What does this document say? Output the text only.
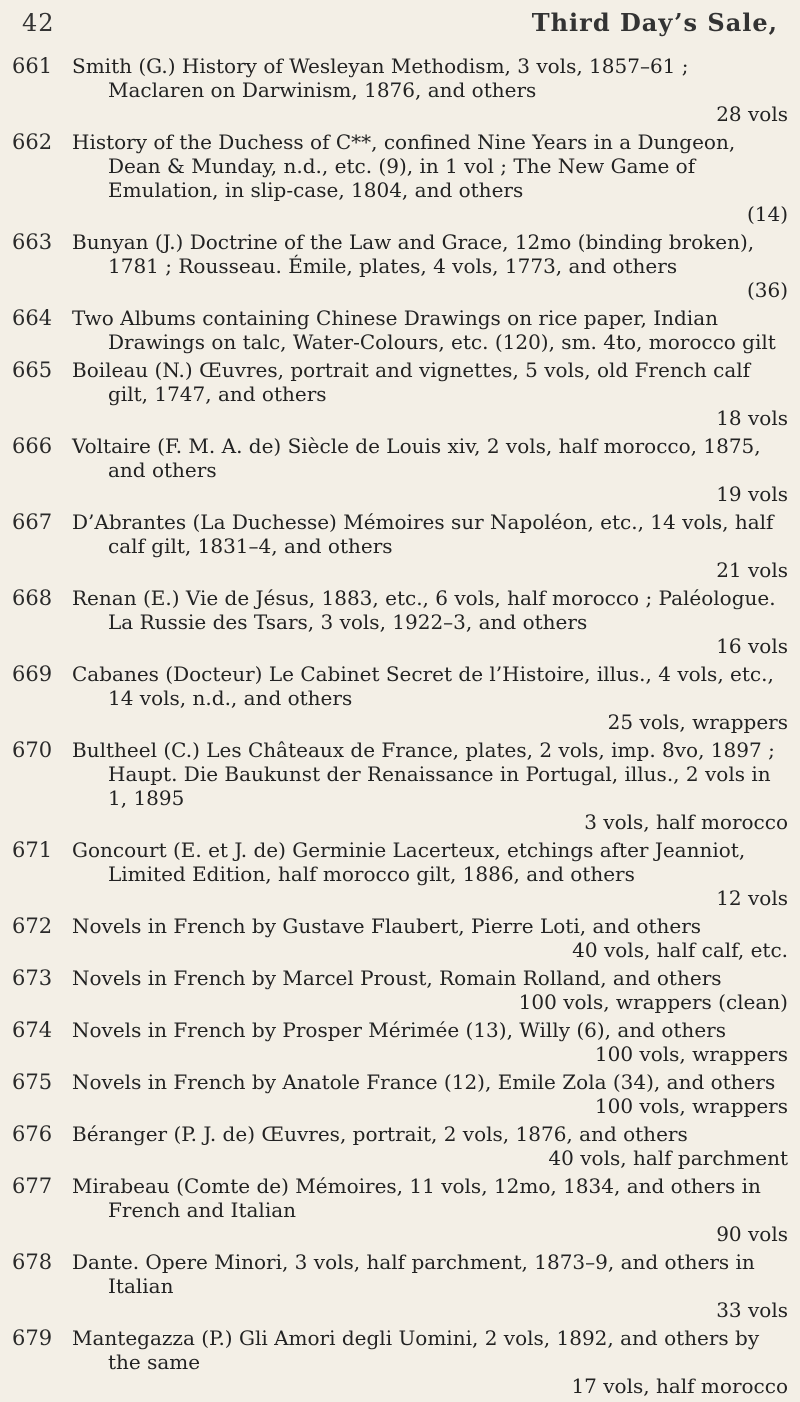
42	Third Day’s Sale,
661 Smith (G.) History of Wesleyan Methodism, 3 vols, 1857–61 ; Maclaren on Darwinism, 1876, and others
28 vols
662 History of the Duchess of C**, confined Nine Years in a Dungeon, Dean & Munday, n.d., etc. (9), in 1 vol ; The New Game of Emulation, in slip-case, 1804, and others
(14)
663 Bunyan (J.) Doctrine of the Law and Grace, 12mo (binding broken), 1781 ; Rousseau. Émile, plates, 4 vols, 1773, and others
(36)
664 Two Albums containing Chinese Drawings on rice paper, Indian Drawings on talc, Water-Colours, etc. (120), sm. 4to, morocco gilt
665 Boileau (N.) Œuvres, portrait and vignettes, 5 vols, old French calf gilt, 1747, and others
18 vols
666 Voltaire (F. M. A. de) Siècle de Louis xiv, 2 vols, half morocco, 1875, and others
19 vols
667 D’Abrantes (La Duchesse) Mémoires sur Napoléon, etc., 14 vols, half calf gilt, 1831–4, and others
21 vols
668 Renan (E.) Vie de Jésus, 1883, etc., 6 vols, half morocco ; Paléologue. La Russie des Tsars, 3 vols, 1922–3, and others
16 vols
669 Cabanes (Docteur) Le Cabinet Secret de l’Histoire, illus., 4 vols, etc., 14 vols, n.d., and others
25 vols, wrappers
670 Bultheel (C.) Les Châteaux de France, plates, 2 vols, imp. 8vo, 1897 ; Haupt. Die Baukunst der Renaissance in Portugal, illus., 2 vols in 1, 1895
3 vols, half morocco
671 Goncourt (E. et J. de) Germinie Lacerteux, etchings after Jeanniot, Limited Edition, half morocco gilt, 1886, and others
12 vols
672 Novels in French by Gustave Flaubert, Pierre Loti, and others
40 vols, half calf, etc.
673 Novels in French by Marcel Proust, Romain Rolland, and others
100 vols, wrappers (clean)
674 Novels in French by Prosper Mérimée (13), Willy (6), and others
100 vols, wrappers
675 Novels in French by Anatole France (12), Emile Zola (34), and others
100 vols, wrappers
676 Béranger (P. J. de) Œuvres, portrait, 2 vols, 1876, and others
40 vols, half parchment
677 Mirabeau (Comte de) Mémoires, 11 vols, 12mo, 1834, and others in French and Italian
90 vols
678 Dante. Opere Minori, 3 vols, half parchment, 1873–9, and others in Italian
33 vols
679 Mantegazza (P.) Gli Amori degli Uomini, 2 vols, 1892, and others by the same
17 vols, half morocco
